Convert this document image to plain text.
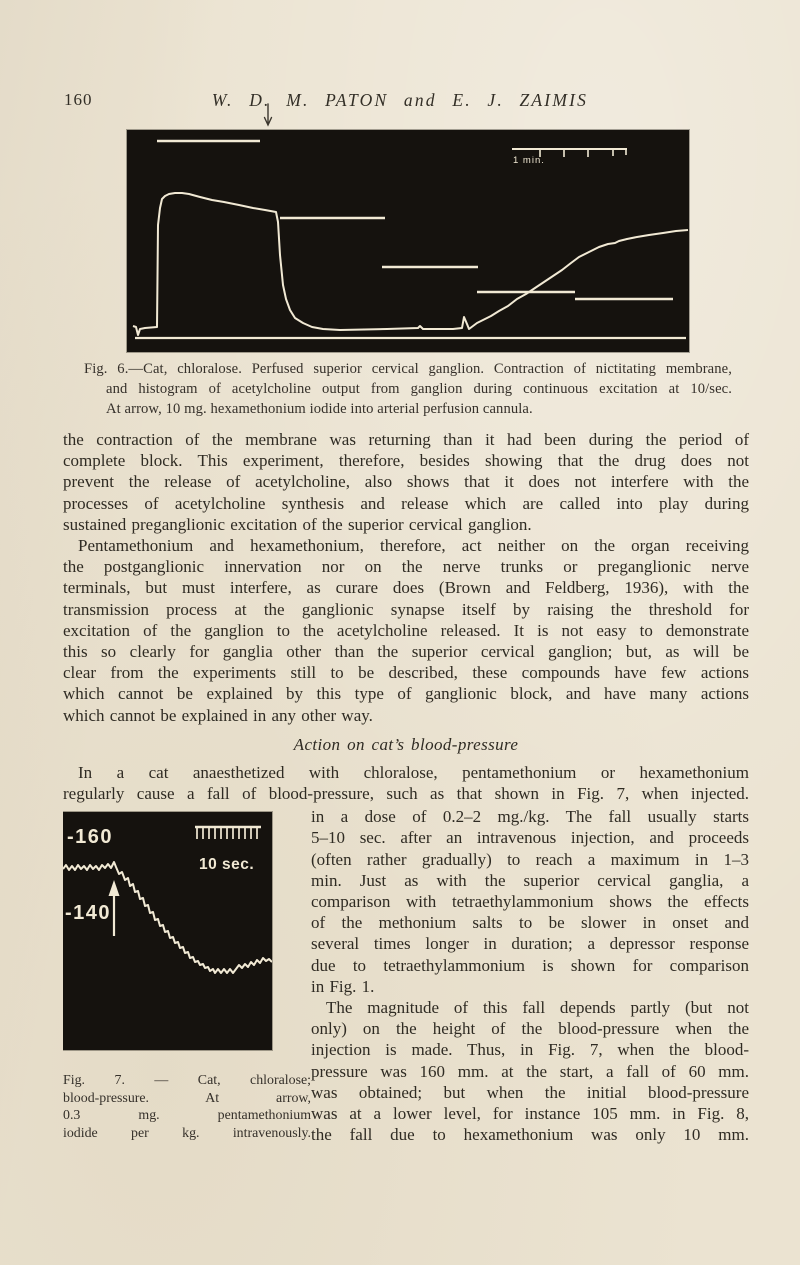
160	W. D. M. PATON and E. J. ZAIMIS
1 min.
Fig. 6.—Cat, chloralose. Perfused superior cervical ganglion. Contraction of nictitating membrane,
and histogram of acetylcholine output from ganglion during continuous excitation at 10/sec.
At arrow, 10 mg. hexamethonium iodide into arterial perfusion cannula.
the contraction of the membrane was returning than it had been during the period of
complete block. This experiment, therefore, besides showing that the drug does not
prevent the release of acetylcholine, also shows that it does not interfere with the
processes of acetylcholine synthesis and release which are called into play during
sustained preganglionic excitation of the superior cervical ganglion.
Pentamethonium and hexamethonium, therefore, act neither on the organ receiving
the postganglionic innervation nor on the nerve trunks or preganglionic nerve
terminals, but must interfere, as curare does (Brown and Feldberg, 1936), with the
transmission process at the ganglionic synapse itself by raising the threshold for
excitation of the ganglion to the acetylcholine released. It is not easy to demonstrate
this so clearly for ganglia other than the superior cervical ganglion; but, as will be
clear from the experiments still to be described, these compounds have few actions
which cannot be explained by this type of ganglionic block, and have many actions
which cannot be explained in any other way.
Action on cat’s blood-pressure
In a cat anaesthetized with chloralose, pentamethonium or hexamethonium
regularly cause a fall of blood-pressure, such as that shown in Fig. 7, when injected.
-160
10 sec.
-140
Fig. 7. — Cat, chloralose;
blood-pressure. At arrow,
0.3 mg. pentamethonium
iodide per kg. intravenously.
in a dose of 0.2–2 mg./kg. The fall usually starts
5–10 sec. after an intravenous injection, and proceeds
(often rather gradually) to reach a maximum in 1–3
min. Just as with the superior cervical ganglia, a
comparison with tetraethylammonium shows the effects
of the methonium salts to be slower in onset and
several times longer in duration; a depressor response
due to tetraethylammonium is shown for comparison
in Fig. 1.
The magnitude of this fall depends partly (but not
only) on the height of the blood-pressure when the
injection is made. Thus, in Fig. 7, when the blood-
pressure was 160 mm. at the start, a fall of 60 mm.
was obtained; but when the initial blood-pressure
was at a lower level, for instance 105 mm. in Fig. 8,
the fall due to hexamethonium was only 10 mm.
